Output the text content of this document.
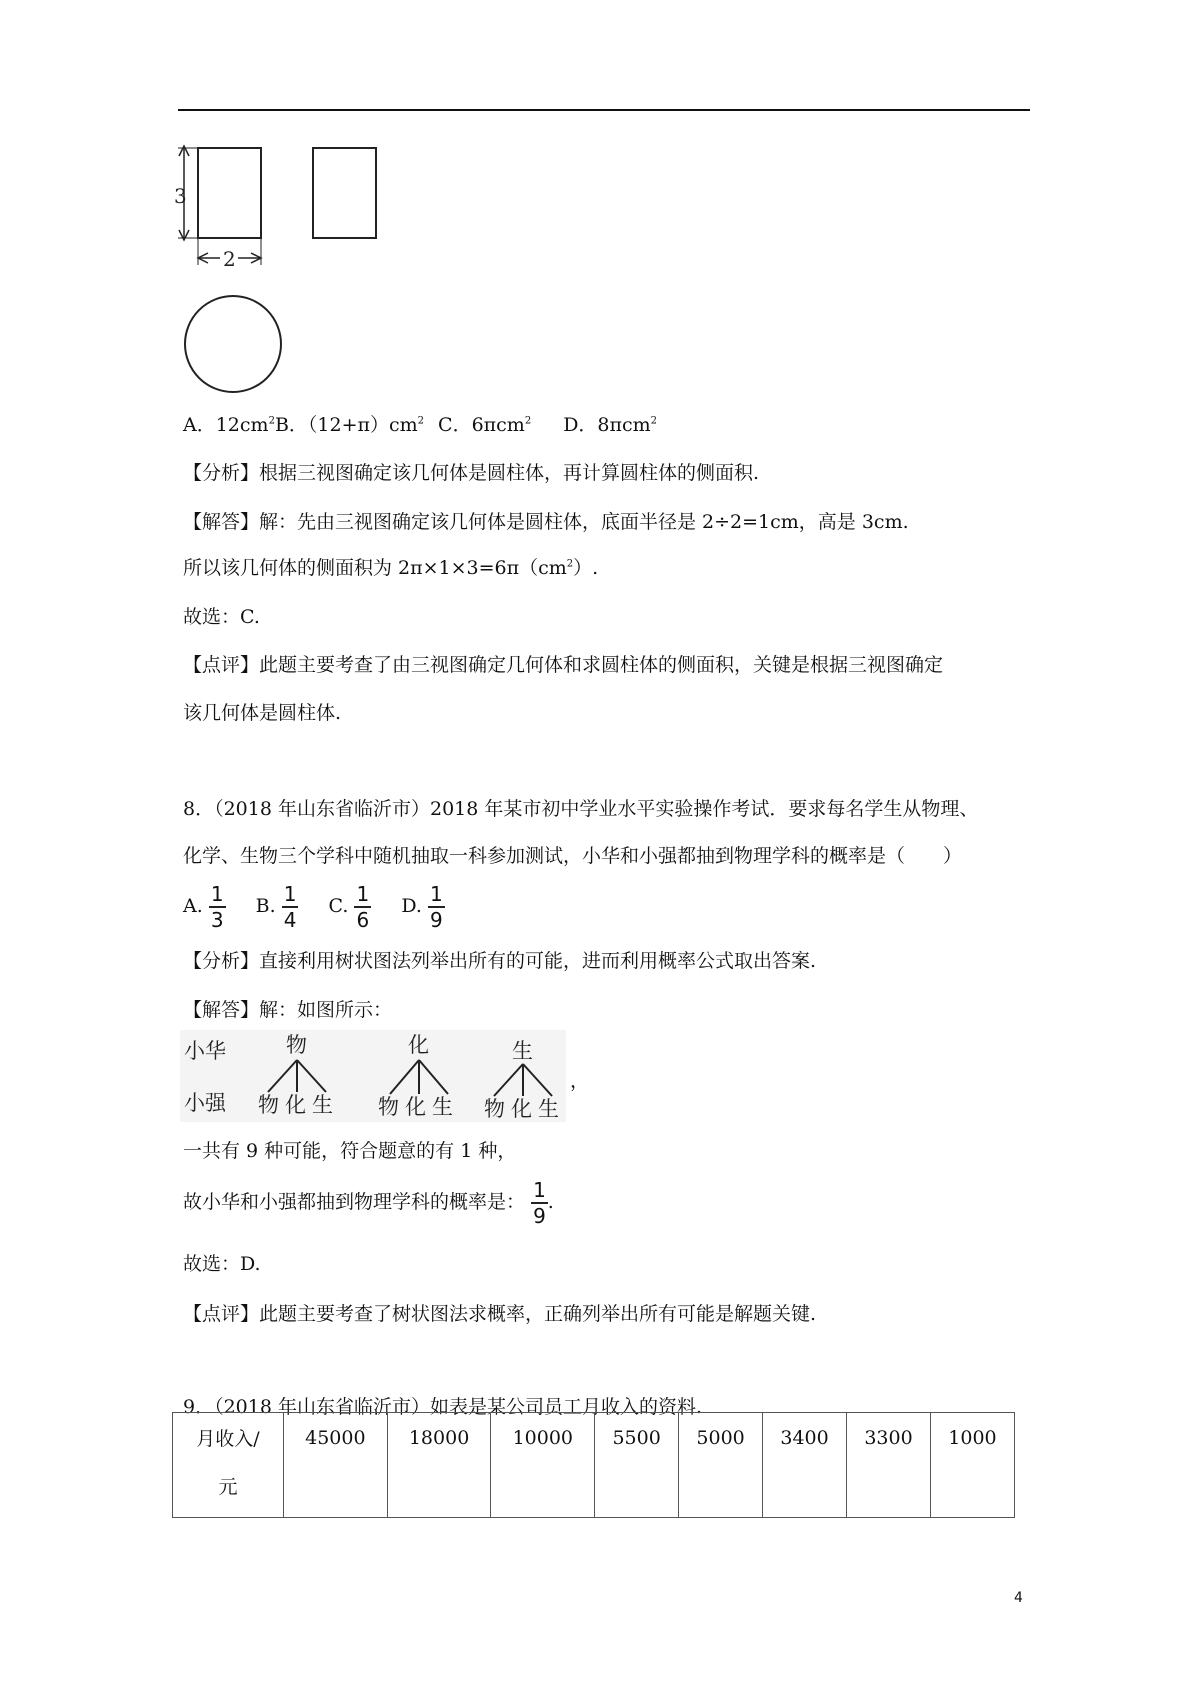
3
2
A．$12cm^2B$．$(12+\pi)cm^2$ C．6πcm$^2$ D．8πcm$^2$
【分析】根据三视图确定该几何体是圆柱体，再计算圆柱体的侧面积.
【解答】解：先由三视图确定该几何体是圆柱体，底面半径是 2÷2=1cm，高是 3cm.
所以该几何体的侧面积为 $2\pi\times 1\times 3=6\pi(cm^2)$.
故选：C.
【点评】此题主要考查了由三视图确定几何体和求圆柱体的侧面积，关键是根据三视图确定
该几何体是圆柱体.
8．（2018 年山东省临沂市）2018 年某市初中学业水平实验操作考试．要求每名学生从物理、
化学、生物三个学科中随机抽取一科参加测试，小华和小强都抽到物理学科的概率是（　　）
A. $\frac{1}{3} B$. $\frac{1}{4} C$. $\frac{1}{6} D$. $\frac{1}{9}$
【分析】直接利用树状图法列举出所有的可能，进而利用概率公式取出答案.
【解答】解：如图所示：
小华
小强
物	化	生
物 化 生 物 化 生 物 化 生
，
一共有 9 种可能，符合题意的有 1 种，
故小华和小强都抽到物理学科的概率是： $\frac{1}{9}$ .
故选：D.
【点评】此题主要考查了树状图法求概率，正确列举出所有可能是解题关键.
9．（2018 年山东省临沂市）如表是某公司员工月收入的资料.
月收入/
元	45000	18000	10000	5500	5000	3400	3300	1000
4
